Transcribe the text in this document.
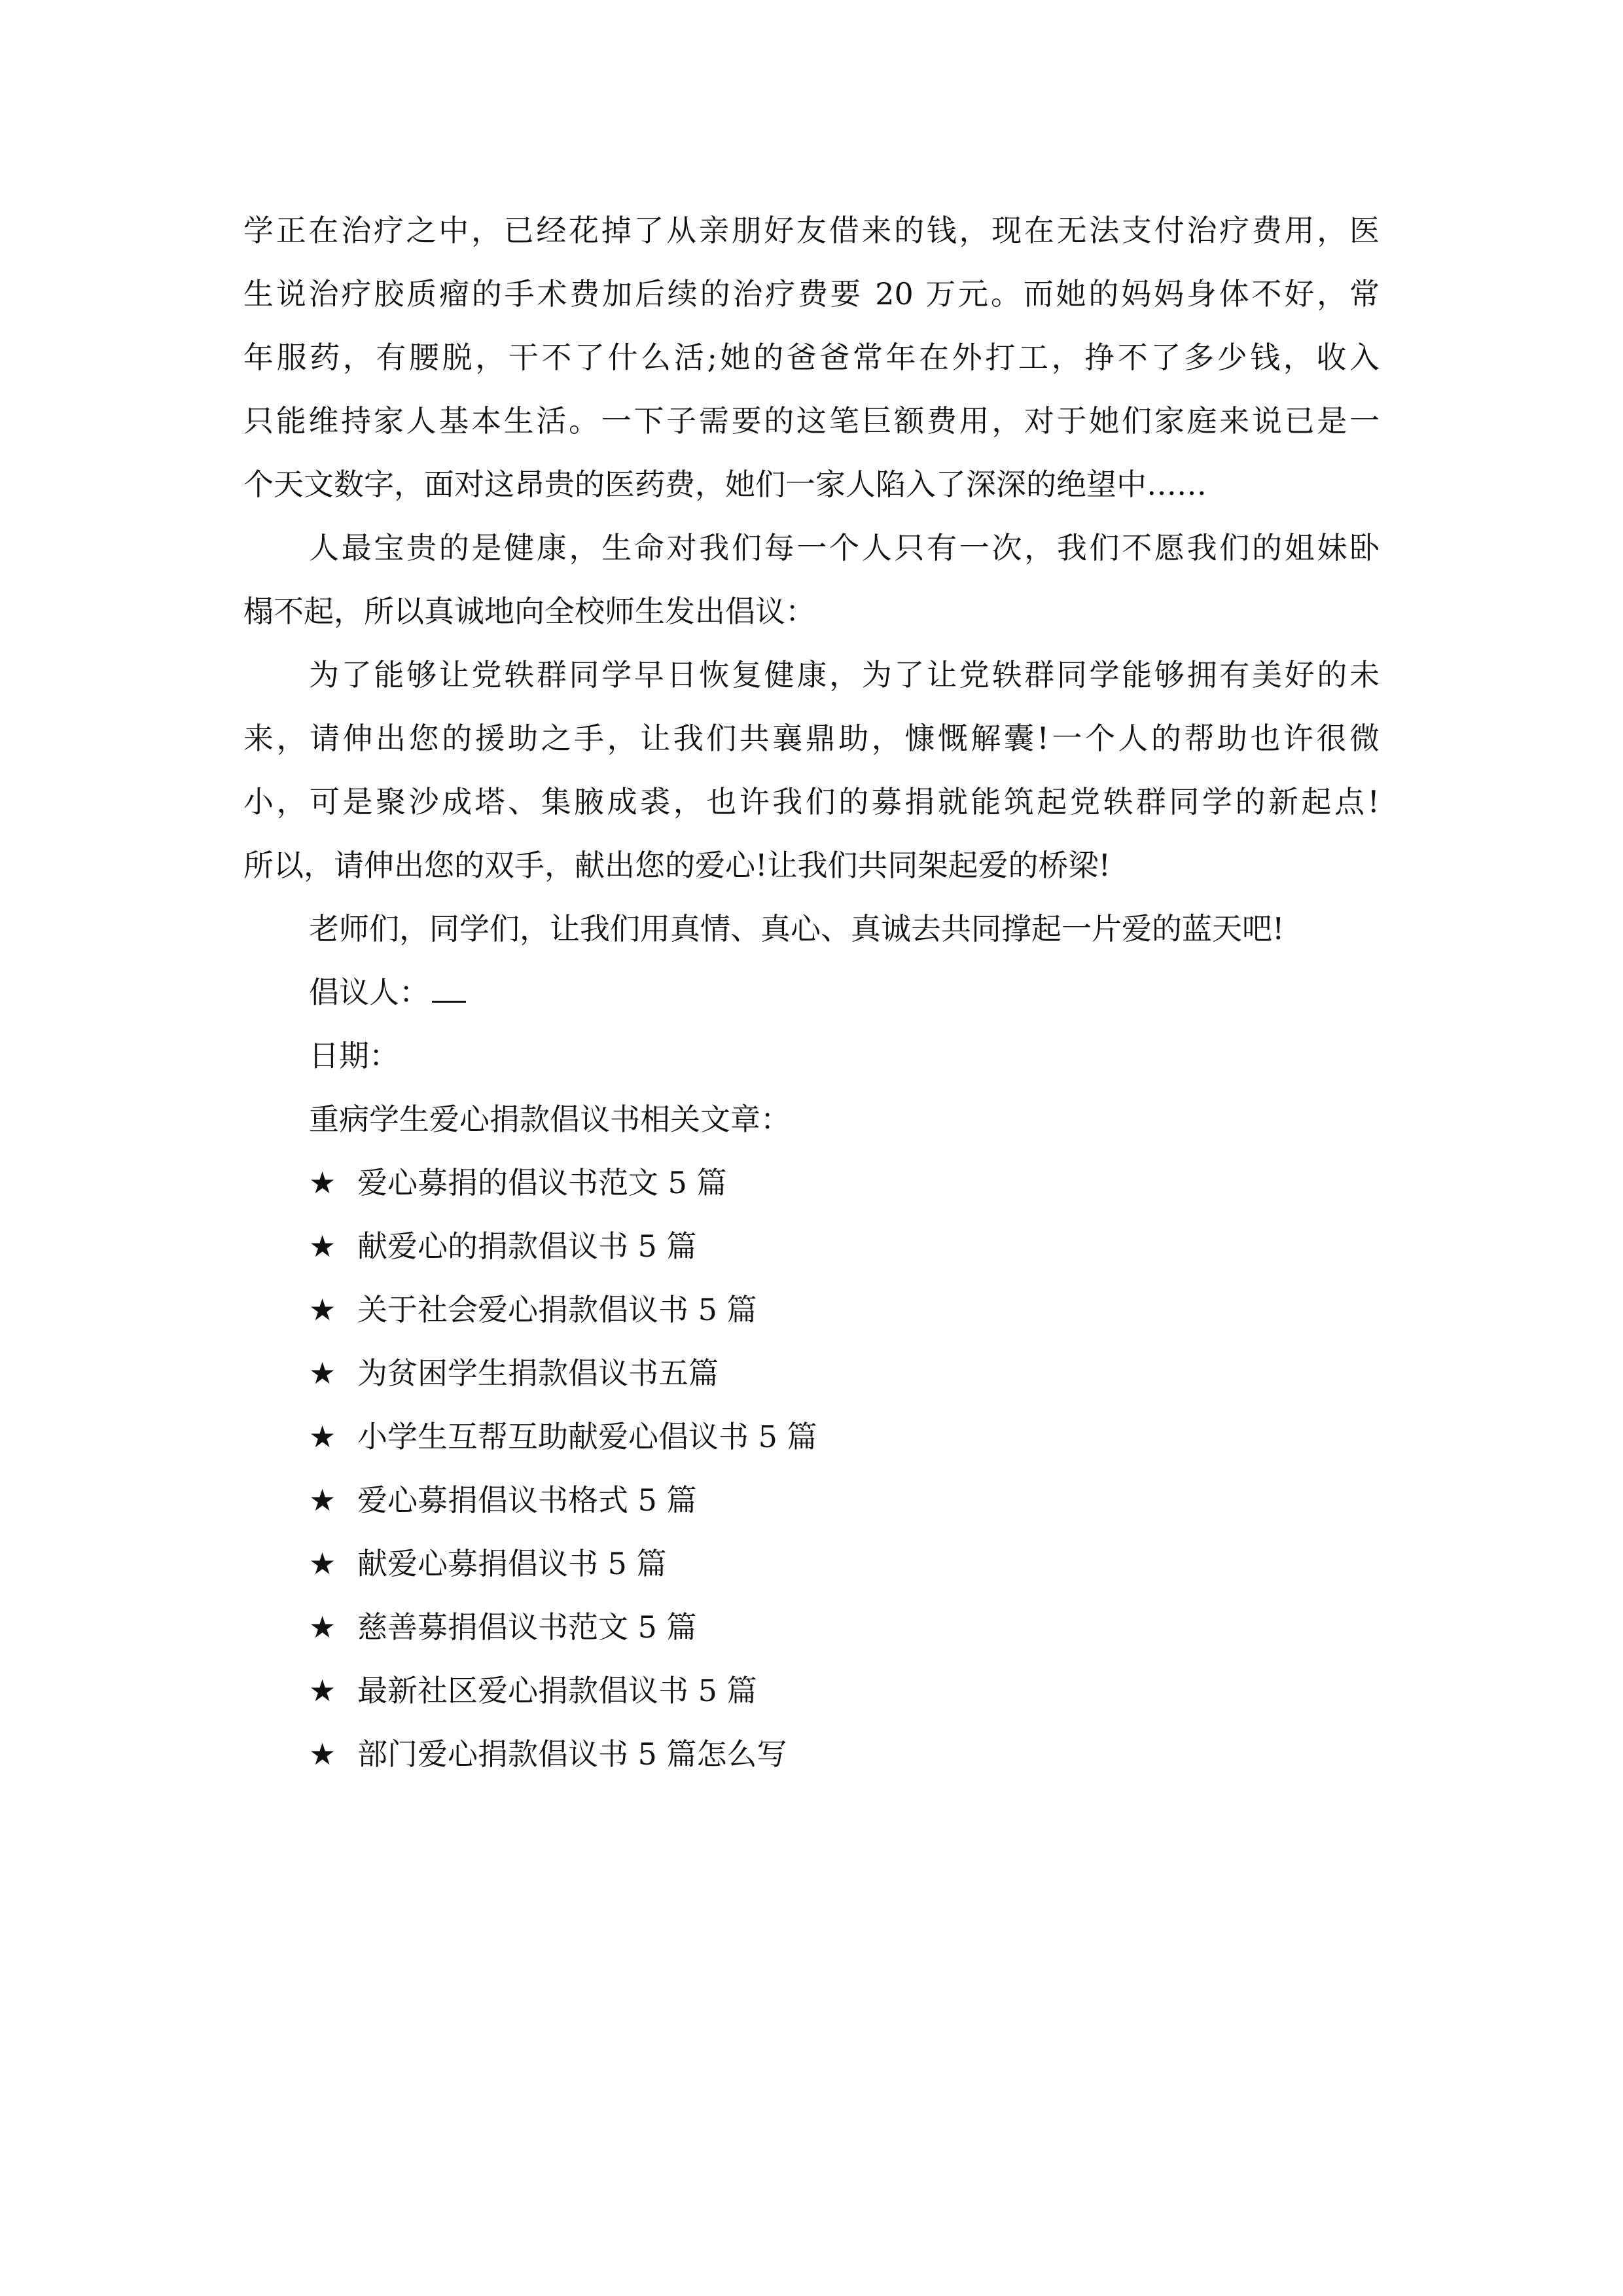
学正在治疗之中，已经花掉了从亲朋好友借来的钱，现在无法支付治疗费用，医
生说治疗胶质瘤的手术费加后续的治疗费要 20 万元。而她的妈妈身体不好，常
年服药，有腰脱，干不了什么活;她的爸爸常年在外打工，挣不了多少钱，收入
只能维持家人基本生活。一下子需要的这笔巨额费用，对于她们家庭来说已是一
个天文数字，面对这昂贵的医药费，她们一家人陷入了深深的绝望中……
人最宝贵的是健康，生命对我们每一个人只有一次，我们不愿我们的姐妹卧
榻不起，所以真诚地向全校师生发出倡议：
为了能够让党轶群同学早日恢复健康，为了让党轶群同学能够拥有美好的未
来，请伸出您的援助之手，让我们共襄鼎助，慷慨解囊!一个人的帮助也许很微
小，可是聚沙成塔、集腋成裘，也许我们的募捐就能筑起党轶群同学的新起点!
所以，请伸出您的双手，献出您的爱心!让我们共同架起爱的桥梁!
老师们，同学们，让我们用真情、真心、真诚去共同撑起一片爱的蓝天吧!
倡议人：
日期：
重病学生爱心捐款倡议书相关文章：
★ 爱心募捐的倡议书范文 5 篇
★ 献爱心的捐款倡议书 5 篇
★ 关于社会爱心捐款倡议书 5 篇
★ 为贫困学生捐款倡议书五篇
★ 小学生互帮互助献爱心倡议书 5 篇
★ 爱心募捐倡议书格式 5 篇
★ 献爱心募捐倡议书 5 篇
★ 慈善募捐倡议书范文 5 篇
★ 最新社区爱心捐款倡议书 5 篇
★ 部门爱心捐款倡议书 5 篇怎么写
